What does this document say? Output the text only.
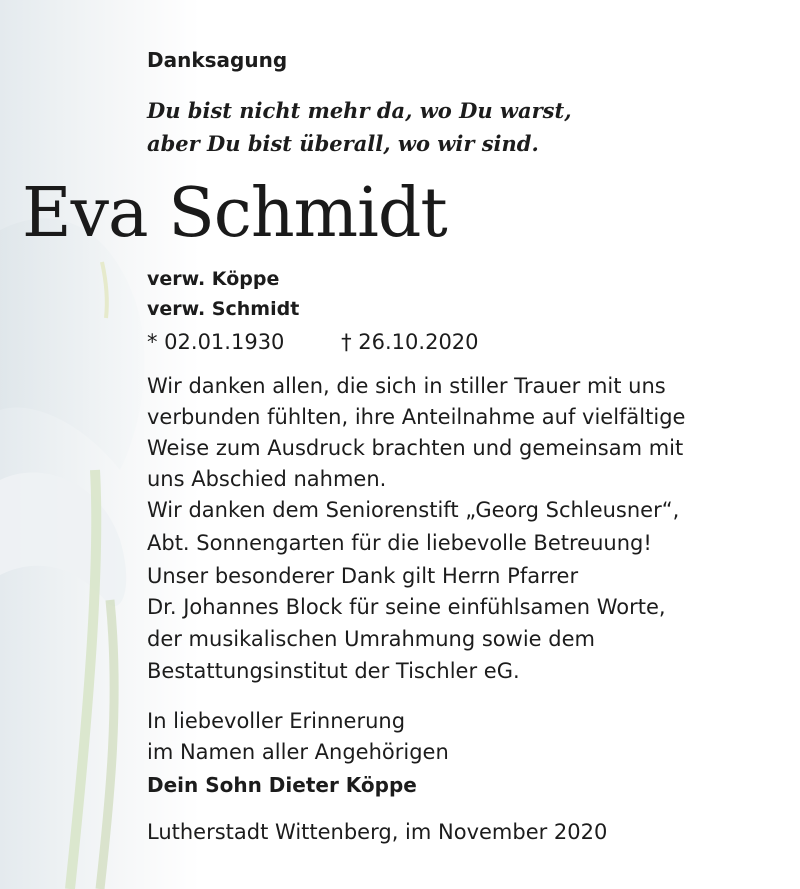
Danksagung
Du bist nicht mehr da, wo Du warst,
aber Du bist überall, wo wir sind.
Eva Schmidt
verw. Köppe
verw. Schmidt
* 02.01.1930	† 26.10.2020
Wir danken allen, die sich in stiller Trauer mit uns
verbunden fühlten, ihre Anteilnahme auf vielfältige
Weise zum Ausdruck brachten und gemeinsam mit
uns Abschied nahmen.
Wir danken dem Seniorenstift „Georg Schleusner“,
Abt. Sonnengarten für die liebevolle Betreuung!
Unser besonderer Dank gilt Herrn Pfarrer
Dr. Johannes Block für seine einfühlsamen Worte,
der musikalischen Umrahmung sowie dem
Bestattungsinstitut der Tischler eG.
In liebevoller Erinnerung
im Namen aller Angehörigen
Dein Sohn Dieter Köppe
Lutherstadt Wittenberg, im November 2020
